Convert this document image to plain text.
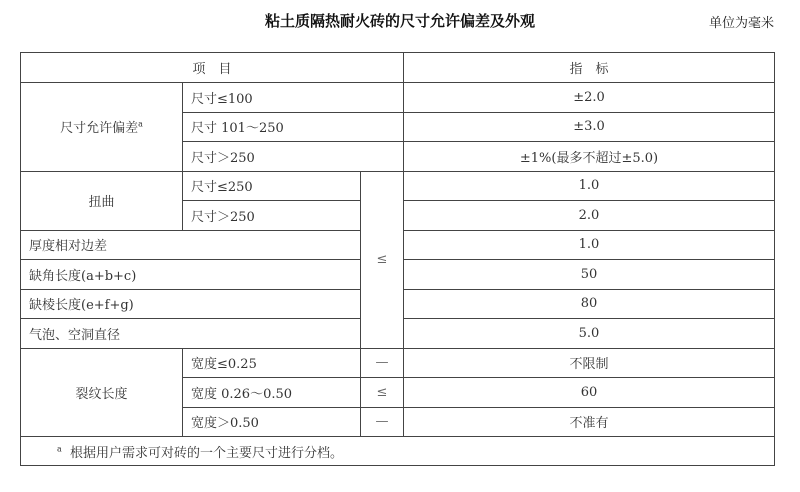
粘土质隔热耐火砖的尺寸允许偏差及外观	单位为毫米
项　目			指　标
尺寸允许偏差$^a$	尺寸≤100		±2.0
	尺寸 101～250		±3.0
	尺寸＞250		±1%(最多不超过±5.0)
扭曲	尺寸≤250	≤	1.0
	尺寸＞250		2.0
厚度相对边差			1.0
缺角长度(a+b+c)			50
缺棱长度(e+f+g)			80
气泡、空洞直径			5.0
裂纹长度	宽度≤0.25	—	不限制
	宽度 0.26～0.50	≤	60
	宽度＞0.50	—	不准有
$^a$ 根据用户需求可对砖的一个主要尺寸进行分档。			
